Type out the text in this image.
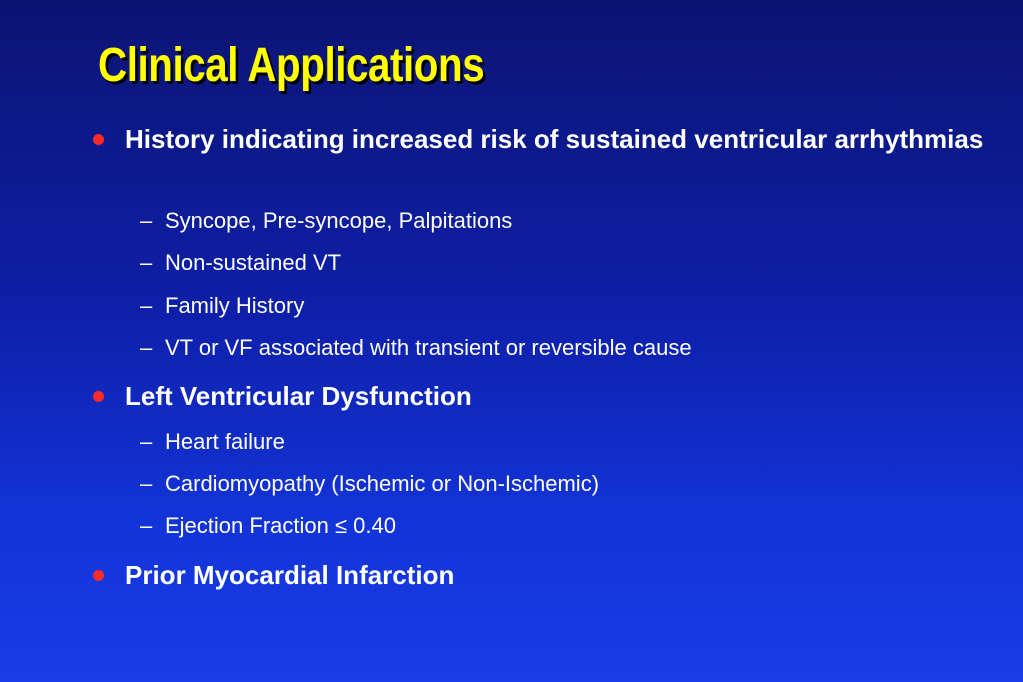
Clinical Applications
History indicating increased risk of sustained ventricular arrhythmias
– Syncope, Pre-syncope, Palpitations
– Non-sustained VT
– Family History
– VT or VF associated with transient or reversible cause
Left Ventricular Dysfunction
– Heart failure
– Cardiomyopathy (Ischemic or Non-Ischemic)
– Ejection Fraction ≤ 0.40
Prior Myocardial Infarction
